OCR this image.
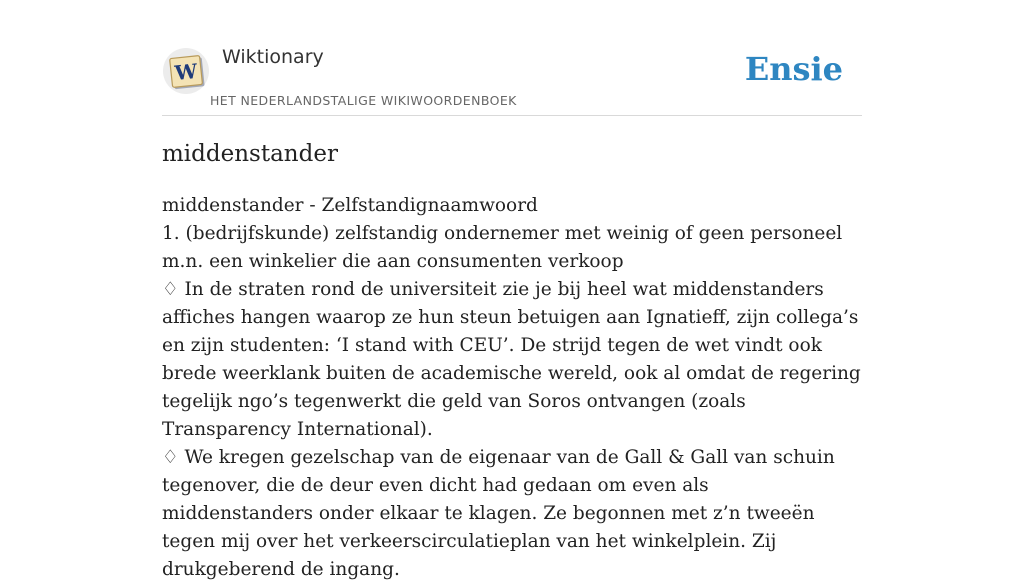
W
Wiktionary
HET NEDERLANDSTALIGE WIKIWOORDENBOEK
Ensie
middenstander
middenstander - Zelfstandignaamwoord
1. (bedrijfskunde) zelfstandig ondernemer met weinig of geen personeel m.n. een winkelier die aan consumenten verkoop
♢ In de straten rond de universiteit zie je bij heel wat middenstanders affiches hangen waarop ze hun steun betuigen aan Ignatieff, zijn collega’s en zijn studenten: ‘I stand with CEU’. De strijd tegen de wet vindt ook brede weerklank buiten de academische wereld, ook al omdat de regering tegelijk ngo’s tegenwerkt die geld van Soros ontvangen (zoals Transparency International).
♢ We kregen gezelschap van de eigenaar van de Gall & Gall van schuin tegenover, die de deur even dicht had gedaan om even als middenstanders onder elkaar te klagen. Ze begonnen met z’n tweeën tegen mij over het verkeerscirculatieplan van het winkelplein. Zij drukgeberend de ingang.
